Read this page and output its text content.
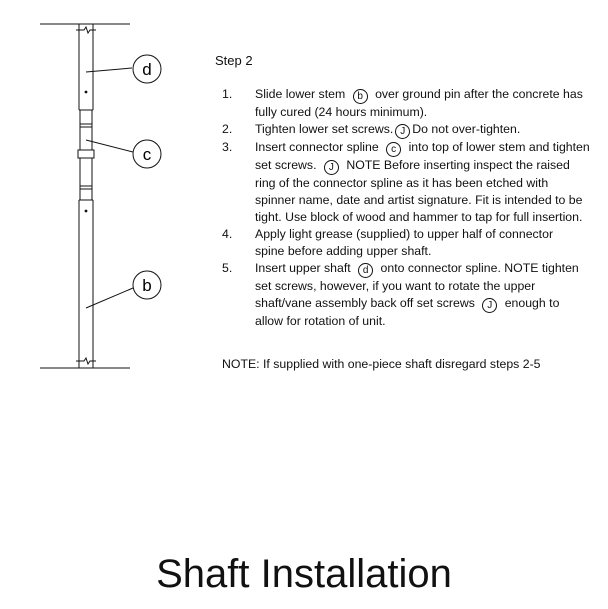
d
c
b
Step 2
1. Slide lower stem b over ground pin after the concrete has fully cured (24 hours minimum).
2. Tighten lower set screws. J Do not over-tighten.
3. Insert connector spline c into top of lower stem and tighten set screws. J NOTE Before inserting inspect the raised ring of the connector spline as it has been etched with spinner name, date and artist signature. Fit is intended to be tight. Use block of wood and hammer to tap for full insertion.
4. Apply light grease (supplied) to upper half of connector spine before adding upper shaft.
5. Insert upper shaft d onto connector spline. NOTE tighten set screws, however, if you want to rotate the upper shaft/vane assembly back off set screws J enough to allow for rotation of unit.
NOTE: If supplied with one-piece shaft disregard steps 2-5
Shaft Installation
